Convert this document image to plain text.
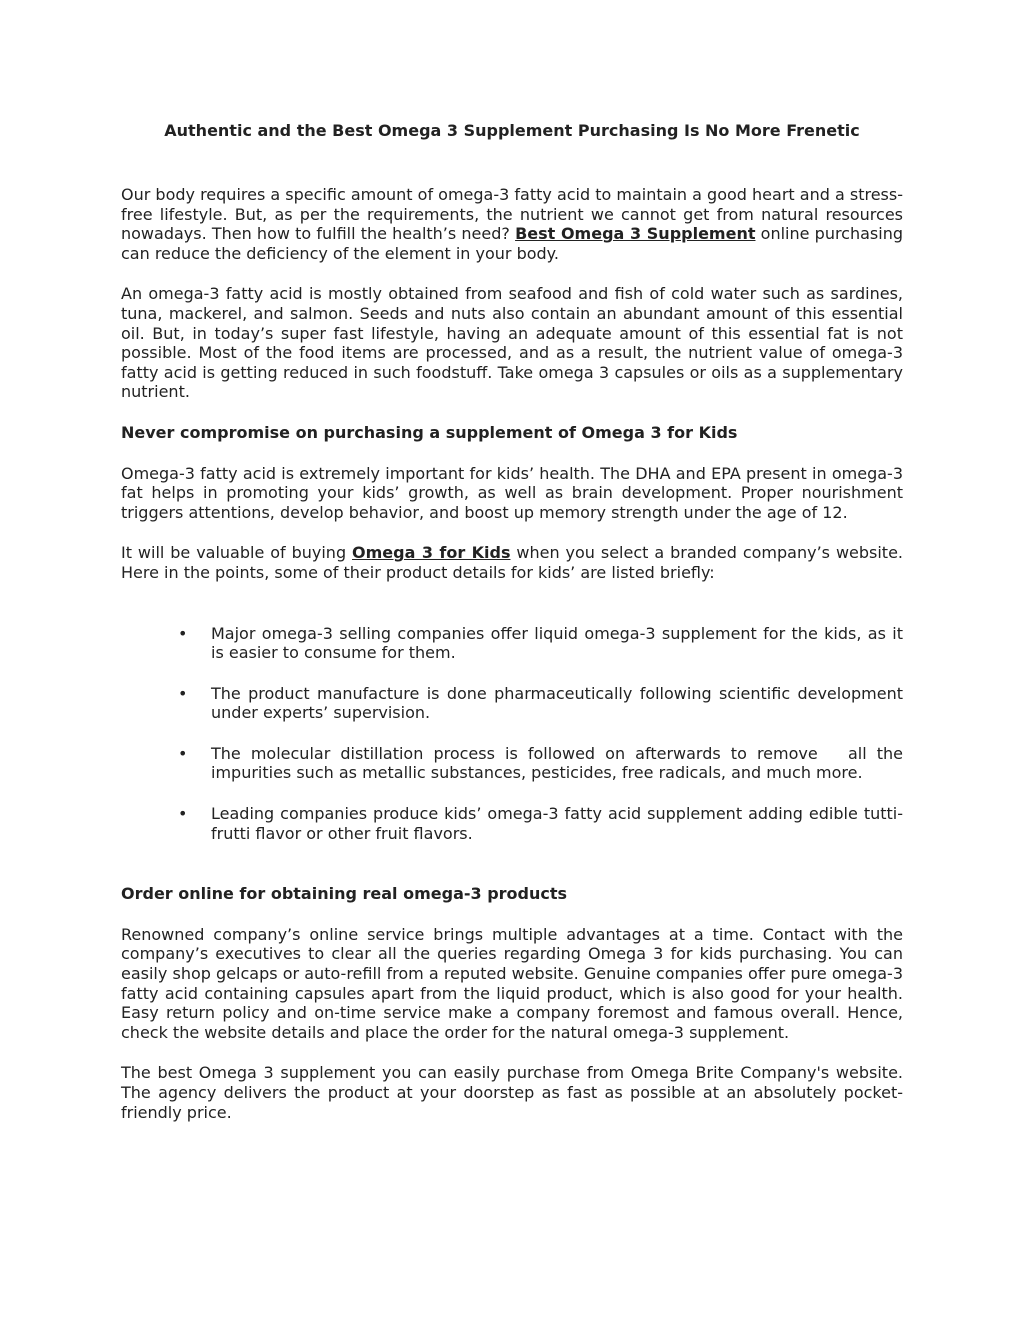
Authentic and the Best Omega 3 Supplement Purchasing Is No More Frenetic

Our body requires a specific amount of omega-3 fatty acid to maintain a good heart and a stress-free lifestyle. But, as per the requirements, the nutrient we cannot get from natural resources nowadays. Then how to fulfill the health’s need? Best Omega 3 Supplement online purchasing can reduce the deficiency of the element in your body.

An omega-3 fatty acid is mostly obtained from seafood and fish of cold water such as sardines, tuna, mackerel, and salmon. Seeds and nuts also contain an abundant amount of this essential oil. But, in today’s super fast lifestyle, having an adequate amount of this essential fat is not possible. Most of the food items are processed, and as a result, the nutrient value of omega-3 fatty acid is getting reduced in such foodstuff. Take omega 3 capsules or oils as a supplementary nutrient.

Never compromise on purchasing a supplement of Omega 3 for Kids

Omega-3 fatty acid is extremely important for kids’ health. The DHA and EPA present in omega-3 fat helps in promoting your kids’ growth, as well as brain development. Proper nourishment triggers attentions, develop behavior, and boost up memory strength under the age of 12.

It will be valuable of buying Omega 3 for Kids when you select a branded company’s website. Here in the points, some of their product details for kids’ are listed briefly:

• Major omega-3 selling companies offer liquid omega-3 supplement for the kids, as it is easier to consume for them.
• The product manufacture is done pharmaceutically following scientific development under experts’ supervision.
• The molecular distillation process is followed on afterwards to remove   all the impurities such as metallic substances, pesticides, free radicals, and much more.
• Leading companies produce kids’ omega-3 fatty acid supplement adding edible tutti-frutti flavor or other fruit flavors.
Order online for obtaining real omega-3 products

Renowned company’s online service brings multiple advantages at a time. Contact with the company’s executives to clear all the queries regarding Omega 3 for kids purchasing. You can easily shop gelcaps or auto-refill from a reputed website. Genuine companies offer pure omega-3 fatty acid containing capsules apart from the liquid product, which is also good for your health. Easy return policy and on-time service make a company foremost and famous overall. Hence, check the website details and place the order for the natural omega-3 supplement.

The best Omega 3 supplement you can easily purchase from Omega Brite Company's website. The agency delivers the product at your doorstep as fast as possible at an absolutely pocket-friendly price.
